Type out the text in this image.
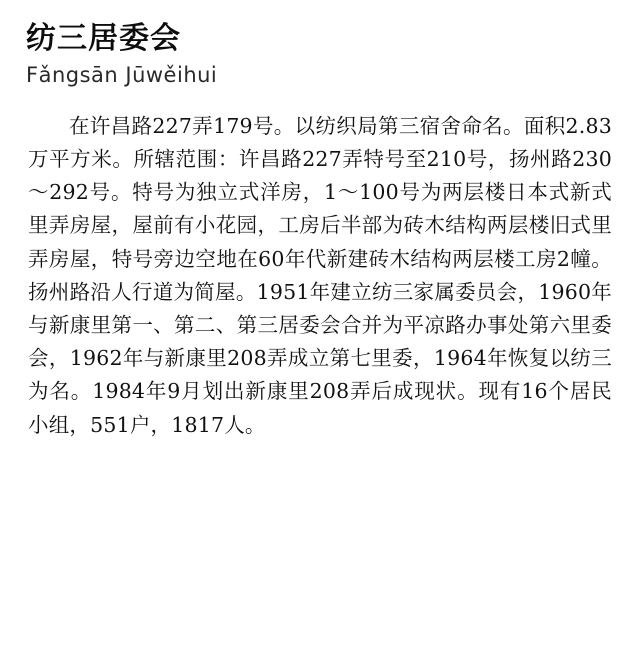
纺三居委会
Fǎngsān Jūwěihui

在许昌路227弄179号。以纺织局第三宿舍命名。面积2.83万平方米。所辖范围：许昌路227弄特号至210号，扬州路230～292号。特号为独立式洋房，1～100号为两层楼日本式新式里弄房屋，屋前有小花园，工房后半部为砖木结构两层楼旧式里弄房屋，特号旁边空地在60年代新建砖木结构两层楼工房2幢。扬州路沿人行道为简屋。1951年建立纺三家属委员会，1960年与新康里第一、第二、第三居委会合并为平凉路办事处第六里委会，1962年与新康里208弄成立第七里委，1964年恢复以纺三为名。1984年9月划出新康里208弄后成现状。现有16个居民小组，551户，1817人。
